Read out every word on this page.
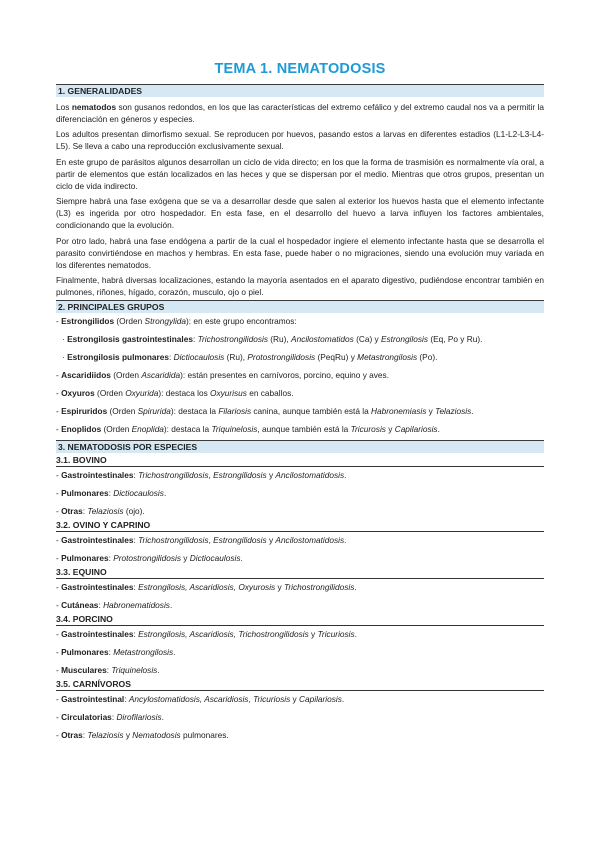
TEMA 1. NEMATODOSIS
1. GENERALIDADES

Los nematodos son gusanos redondos, en los que las características del extremo cefálico y del extremo caudal nos va a permitir la diferenciación en géneros y especies.

Los adultos presentan dimorfismo sexual. Se reproducen por huevos, pasando estos a larvas en diferentes estadios (L1-L2-L3-L4-L5). Se lleva a cabo una reproducción exclusivamente sexual.

En este grupo de parásitos algunos desarrollan un ciclo de vida directo; en los que la forma de trasmisión es normalmente vía oral, a partir de elementos que están localizados en las heces y que se dispersan por el medio. Mientras que otros grupos, presentan un ciclo de vida indirecto.

Siempre habrá una fase exógena que se va a desarrollar desde que salen al exterior los huevos hasta que el elemento infectante (L3) es ingerida por otro hospedador. En esta fase, en el desarrollo del huevo a larva influyen los factores ambientales, condicionando que la evolución.

Por otro lado, habrá una fase endógena a partir de la cual el hospedador ingiere el elemento infectante hasta que se desarrolla el parasito convirtiéndose en machos y hembras. En esta fase, puede haber o no migraciones, siendo una evolución muy variada en los diferentes nematodos.

Finalmente, habrá diversas localizaciones, estando la mayoría asentados en el aparato digestivo, pudiéndose encontrar también en pulmones, riñones, hígado, corazón, musculo, ojo o piel.

2. PRINCIPALES GRUPOS
- Estrongilidos (Orden Strongylida): en este grupo encontramos:
· Estrongilosis gastrointestinales: Trichostrongilidosis (Ru), Ancilostomatidos (Ca) y Estrongilosis (Eq, Po y Ru).
· Estrongilosis pulmonares: Dictiocaulosis (Ru), Protostrongilidosis (PeqRu) y Metastrongilosis (Po).
- Ascaridiidos (Orden Ascaridida): están presentes en carnívoros, porcino, equino y aves.
- Oxyuros (Orden Oxyurida): destaca los Oxyurisus en caballos.
- Espiruridos (Orden Spirurida): destaca la Filariosis canina, aunque también está la Habronemiasis y Telaziosis.
- Enoplidos (Orden Enoplida): destaca la Triquinelosis, aunque también está la Tricurosis y Capilariosis.
3. NEMATODOSIS POR ESPECIES
3.1. BOVINO
- Gastrointestinales: Trichostrongilidosis, Estrongilidosis y Ancilostomatidosis.
- Pulmonares: Dictiocaulosis.
- Otras: Telaziosis (ojo).
3.2. OVINO Y CAPRINO
- Gastrointestinales: Trichostrongilidosis, Estrongilidosis y Ancilostomatidosis.
- Pulmonares: Protostrongilidosis y Dictiocaulosis.
3.3. EQUINO
- Gastrointestinales: Estrongilosis, Ascaridiosis, Oxyurosis y Trichostrongilidosis.
- Cutáneas: Habronematidosis.
3.4. PORCINO
- Gastrointestinales: Estrongilosis, Ascaridiosis, Trichostrongilidosis y Tricuriosis.
- Pulmonares: Metastrongilosis.
- Musculares: Triquinelosis.
3.5. CARNÍVOROS
- Gastrointestinal: Ancylostomatidosis, Ascaridiosis, Tricuriosis y Capilariosis.
- Circulatorias: Dirofilariosis.
- Otras: Telaziosis y Nematodosis pulmonares.
